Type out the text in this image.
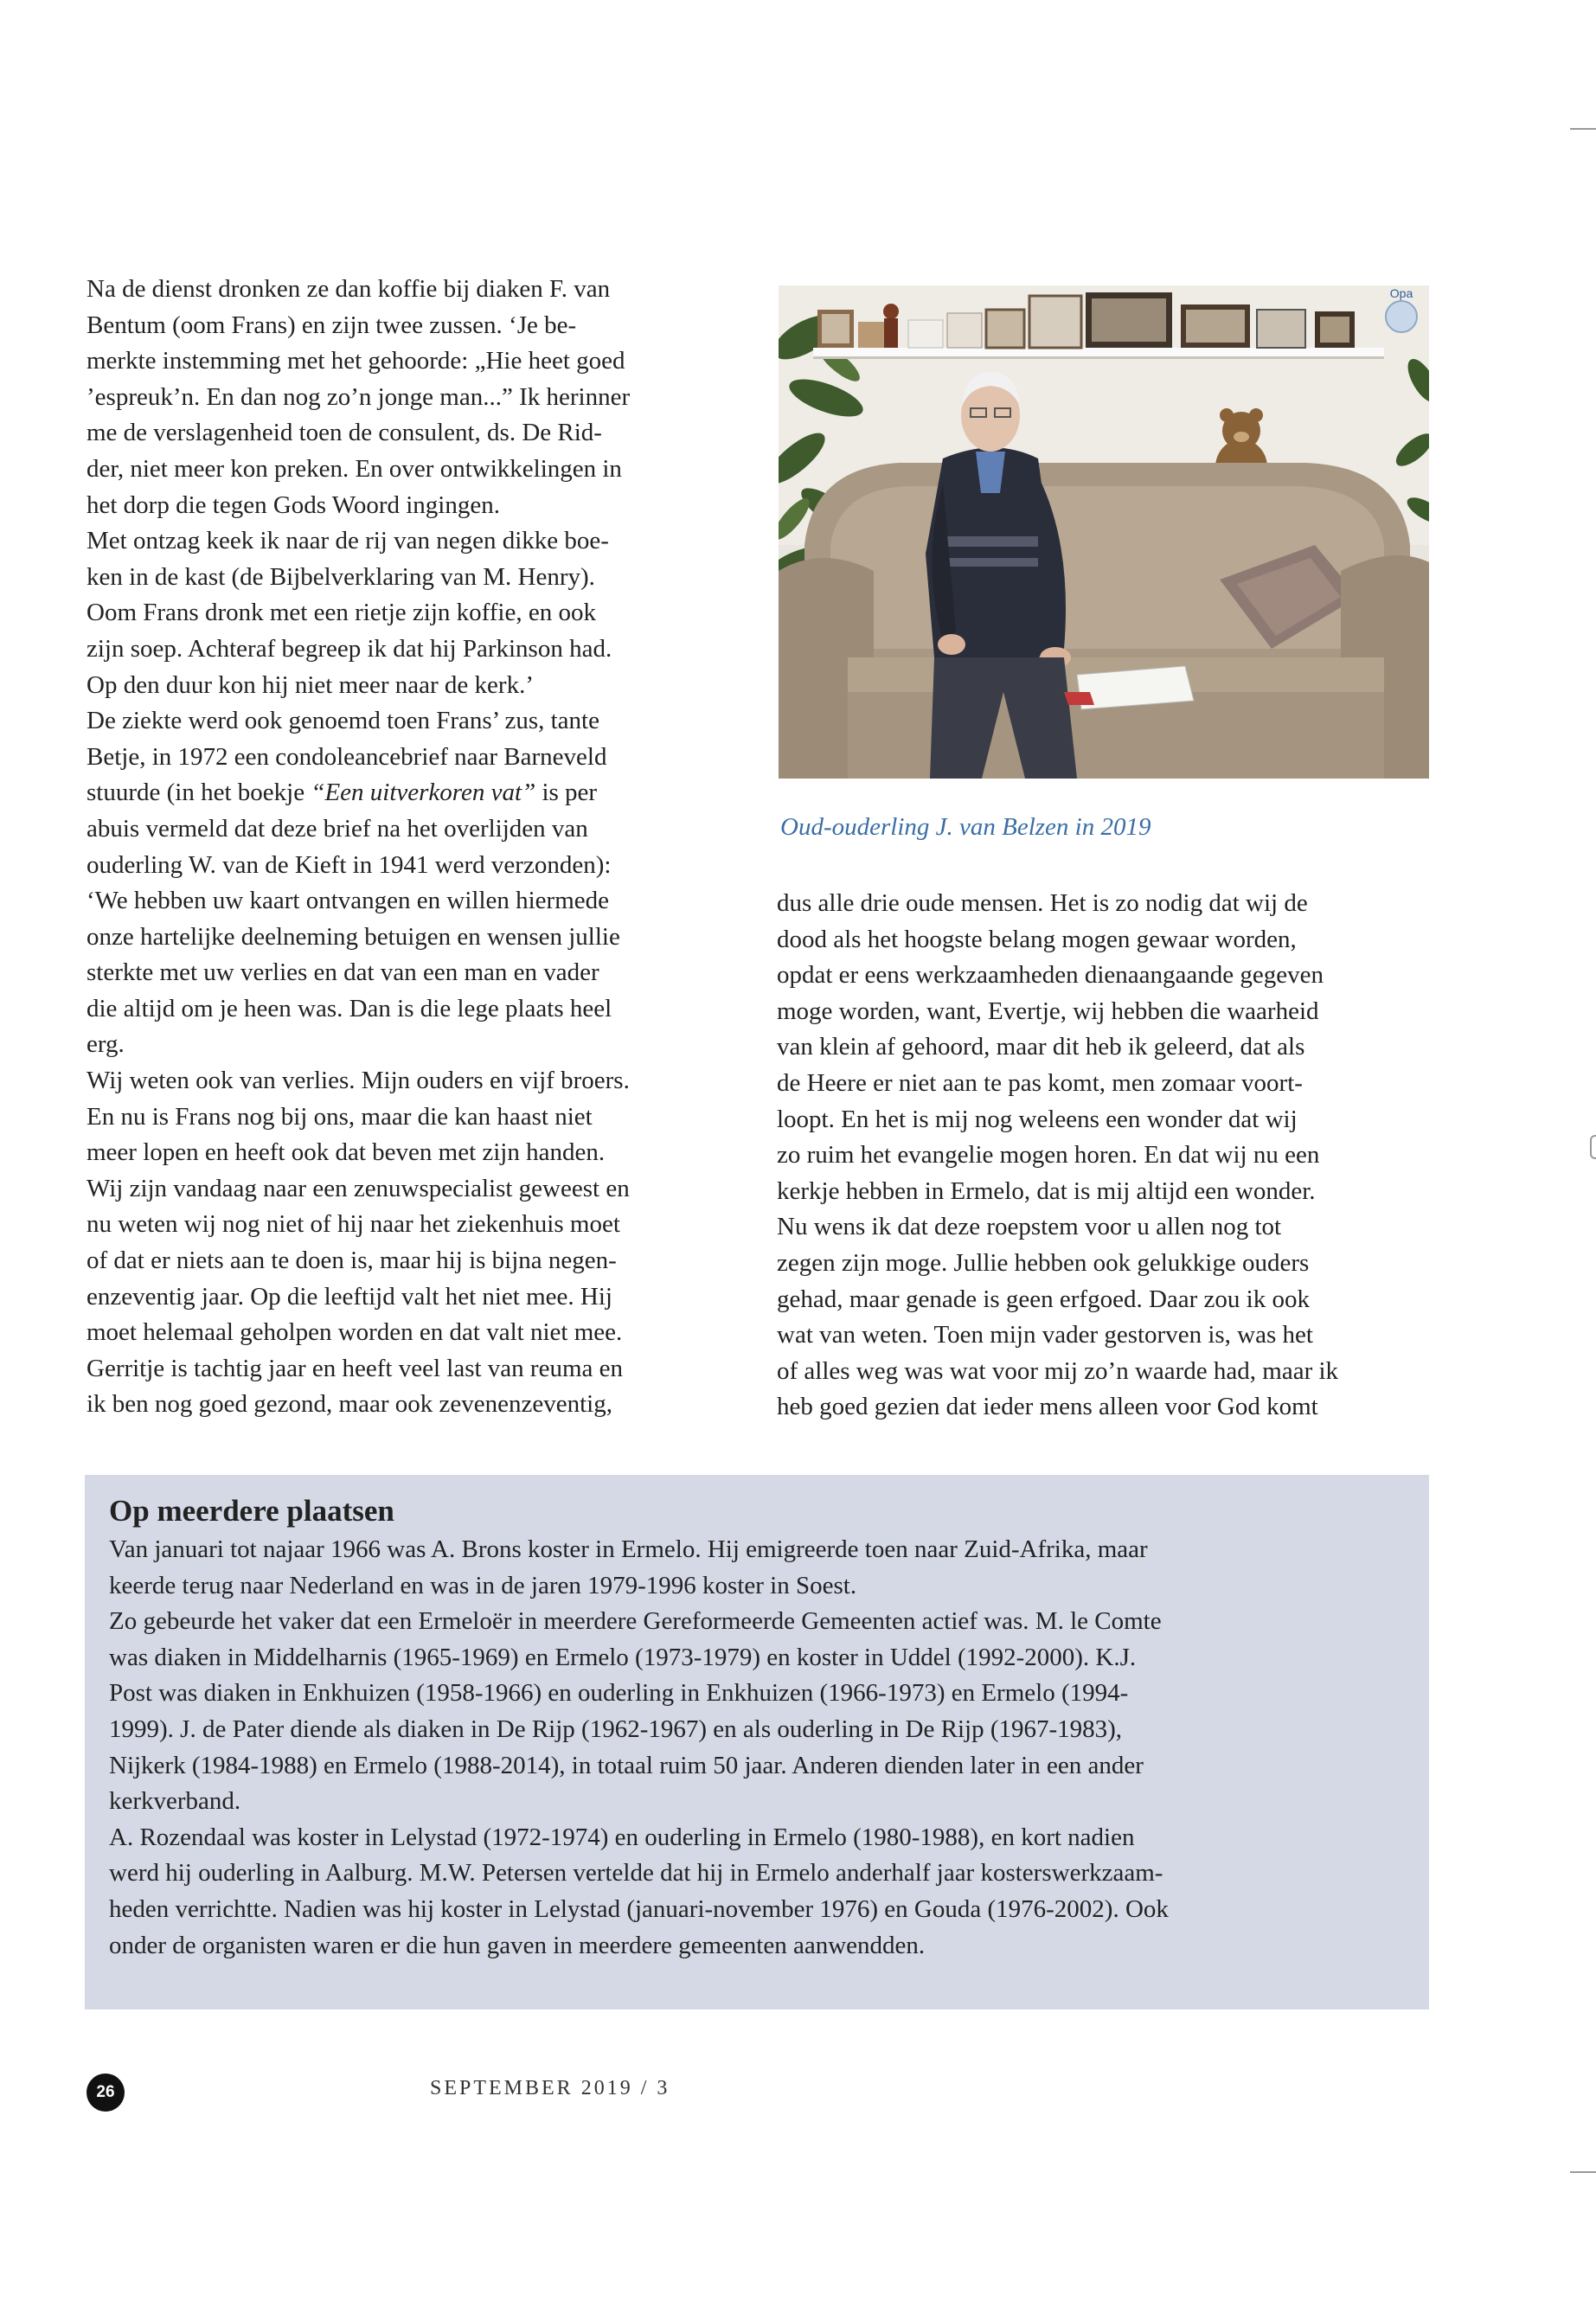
Na de dienst dronken ze dan koffie bij diaken F. van
Bentum (oom Frans) en zijn twee zussen. ‘Je be-
merkte instemming met het gehoorde: „Hie heet goed
’espreuk’n. En dan nog zo’n jonge man...” Ik herinner
me de verslagenheid toen de consulent, ds. De Rid-
der, niet meer kon preken. En over ontwikkelingen in
het dorp die tegen Gods Woord ingingen.
Met ontzag keek ik naar de rij van negen dikke boe-
ken in de kast (de Bijbelverklaring van M. Henry).
Oom Frans dronk met een rietje zijn koffie, en ook
zijn soep. Achteraf begreep ik dat hij Parkinson had.
Op den duur kon hij niet meer naar de kerk.’
De ziekte werd ook genoemd toen Frans’ zus, tante
Betje, in 1972 een condoleancebrief naar Barneveld
stuurde (in het boekje “Een uitverkoren vat” is per
abuis vermeld dat deze brief na het overlijden van
ouderling W. van de Kieft in 1941 werd verzonden):
‘We hebben uw kaart ontvangen en willen hiermede
onze hartelijke deelneming betuigen en wensen jullie
sterkte met uw verlies en dat van een man en vader
die altijd om je heen was. Dan is die lege plaats heel
erg.
Wij weten ook van verlies. Mijn ouders en vijf broers.
En nu is Frans nog bij ons, maar die kan haast niet
meer lopen en heeft ook dat beven met zijn handen.
Wij zijn vandaag naar een zenuwspecialist geweest en
nu weten wij nog niet of hij naar het ziekenhuis moet
of dat er niets aan te doen is, maar hij is bijna negen-
enzeventig jaar. Op die leeftijd valt het niet mee. Hij
moet helemaal geholpen worden en dat valt niet mee.
Gerritje is tachtig jaar en heeft veel last van reuma en
ik ben nog goed gezond, maar ook zevenenzeventig,
Opa
Oud-ouderling J. van Belzen in 2019
dus alle drie oude mensen. Het is zo nodig dat wij de
dood als het hoogste belang mogen gewaar worden,
opdat er eens werkzaamheden dienaangaande gegeven
moge worden, want, Evertje, wij hebben die waarheid
van klein af gehoord, maar dit heb ik geleerd, dat als
de Heere er niet aan te pas komt, men zomaar voort-
loopt. En het is mij nog weleens een wonder dat wij
zo ruim het evangelie mogen horen. En dat wij nu een
kerkje hebben in Ermelo, dat is mij altijd een wonder.
Nu wens ik dat deze roepstem voor u allen nog tot
zegen zijn moge. Jullie hebben ook gelukkige ouders
gehad, maar genade is geen erfgoed. Daar zou ik ook
wat van weten. Toen mijn vader gestorven is, was het
of alles weg was wat voor mij zo’n waarde had, maar ik
heb goed gezien dat ieder mens alleen voor God komt
Op meerdere plaatsen
Van januari tot najaar 1966 was A. Brons koster in Ermelo. Hij emigreerde toen naar Zuid-Afrika, maar
keerde terug naar Nederland en was in de jaren 1979-1996 koster in Soest.
Zo gebeurde het vaker dat een Ermeloër in meerdere Gereformeerde Gemeenten actief was. M. le Comte
was diaken in Middelharnis (1965-1969) en Ermelo (1973-1979) en koster in Uddel (1992-2000). K.J.
Post was diaken in Enkhuizen (1958-1966) en ouderling in Enkhuizen (1966-1973) en Ermelo (1994-
1999). J. de Pater diende als diaken in De Rijp (1962-1967) en als ouderling in De Rijp (1967-1983),
Nijkerk (1984-1988) en Ermelo (1988-2014), in totaal ruim 50 jaar. Anderen dienden later in een ander
kerkverband.
A. Rozendaal was koster in Lelystad (1972-1974) en ouderling in Ermelo (1980-1988), en kort nadien
werd hij ouderling in Aalburg. M.W. Petersen vertelde dat hij in Ermelo anderhalf jaar kosterswerkzaam-
heden verrichtte. Nadien was hij koster in Lelystad (januari-november 1976) en Gouda (1976-2002). Ook
onder de organisten waren er die hun gaven in meerdere gemeenten aanwendden.
26	SEPTEMBER 2019 / 3
